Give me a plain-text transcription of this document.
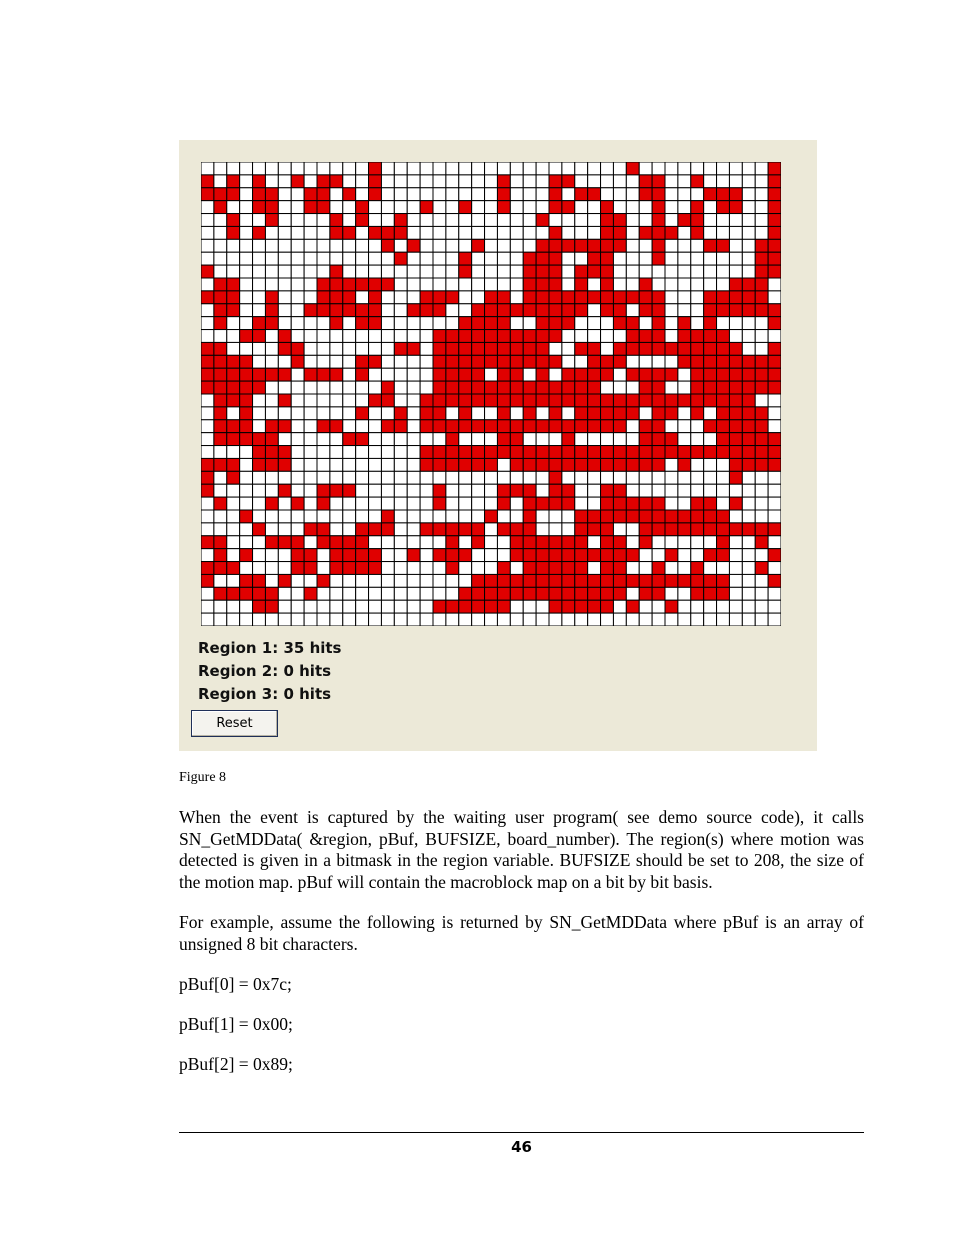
Region 1: 35 hits
Region 2: 0 hits
Region 3: 0 hits
Reset
Figure 8

When the event is captured by the waiting user program( see demo source code), it calls SN_GetMDData( &region, pBuf, BUFSIZE, board_number). The region(s) where motion was detected is given in a bitmask in the region variable. BUFSIZE should be set to 208, the size of the motion map. pBuf will contain the macroblock map on a bit by bit basis.

For example, assume the following is returned by SN_GetMDData where pBuf is an array of unsigned 8 bit characters.

pBuf[0] = 0x7c;

pBuf[1] = 0x00;

pBuf[2] = 0x89;

46
